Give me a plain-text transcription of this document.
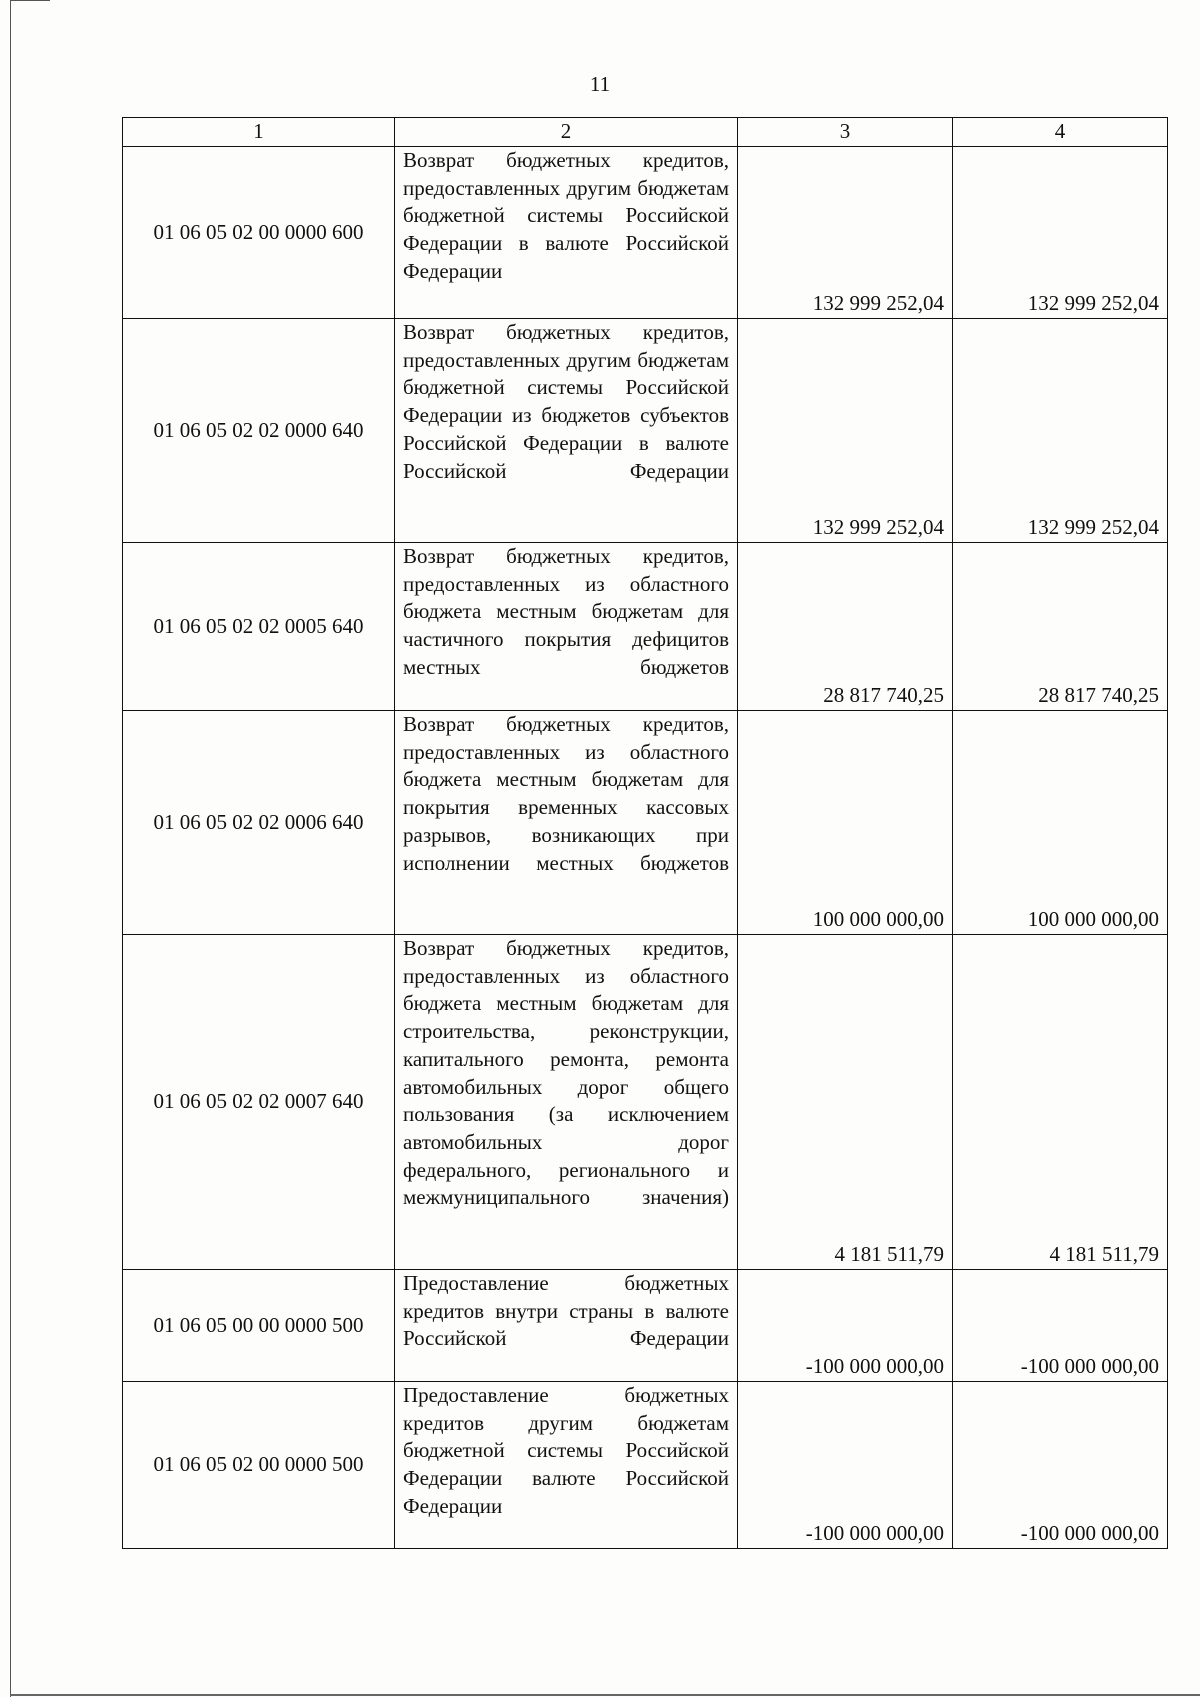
11
1	2	3	4
01 06 05 02 00 0000 600	Возврат бюджетных кредитов, предоставленных другим бюджетам бюджетной системы Российской Федерации в валюте Российской Федерации	132 999 252,04	132 999 252,04
01 06 05 02 02 0000 640	Возврат бюджетных кредитов, предоставленных другим бюджетам бюджетной системы Российской Федерации из бюджетов субъектов Российской Федерации в валюте Российской Федерации	132 999 252,04	132 999 252,04
01 06 05 02 02 0005 640	Возврат бюджетных кредитов, предоставленных из областного бюджета местным бюджетам для частичного покрытия дефицитов местных бюджетов	28 817 740,25	28 817 740,25
01 06 05 02 02 0006 640	Возврат бюджетных кредитов, предоставленных из областного бюджета местным бюджетам для покрытия временных кассовых разрывов, возникающих при исполнении местных бюджетов	100 000 000,00	100 000 000,00
01 06 05 02 02 0007 640	Возврат бюджетных кредитов, предоставленных из областного бюджета местным бюджетам для строительства, реконструкции, капитального ремонта, ремонта автомобильных дорог общего пользования (за исключением автомобильных дорог федерального, регионального и межмуниципального значения)	4 181 511,79	4 181 511,79
01 06 05 00 00 0000 500	Предоставление бюджетных кредитов внутри страны в валюте Российской Федерации	-100 000 000,00	-100 000 000,00
01 06 05 02 00 0000 500	Предоставление бюджетных кредитов другим бюджетам бюджетной системы Российской Федерации валюте Российской Федерации	-100 000 000,00	-100 000 000,00
